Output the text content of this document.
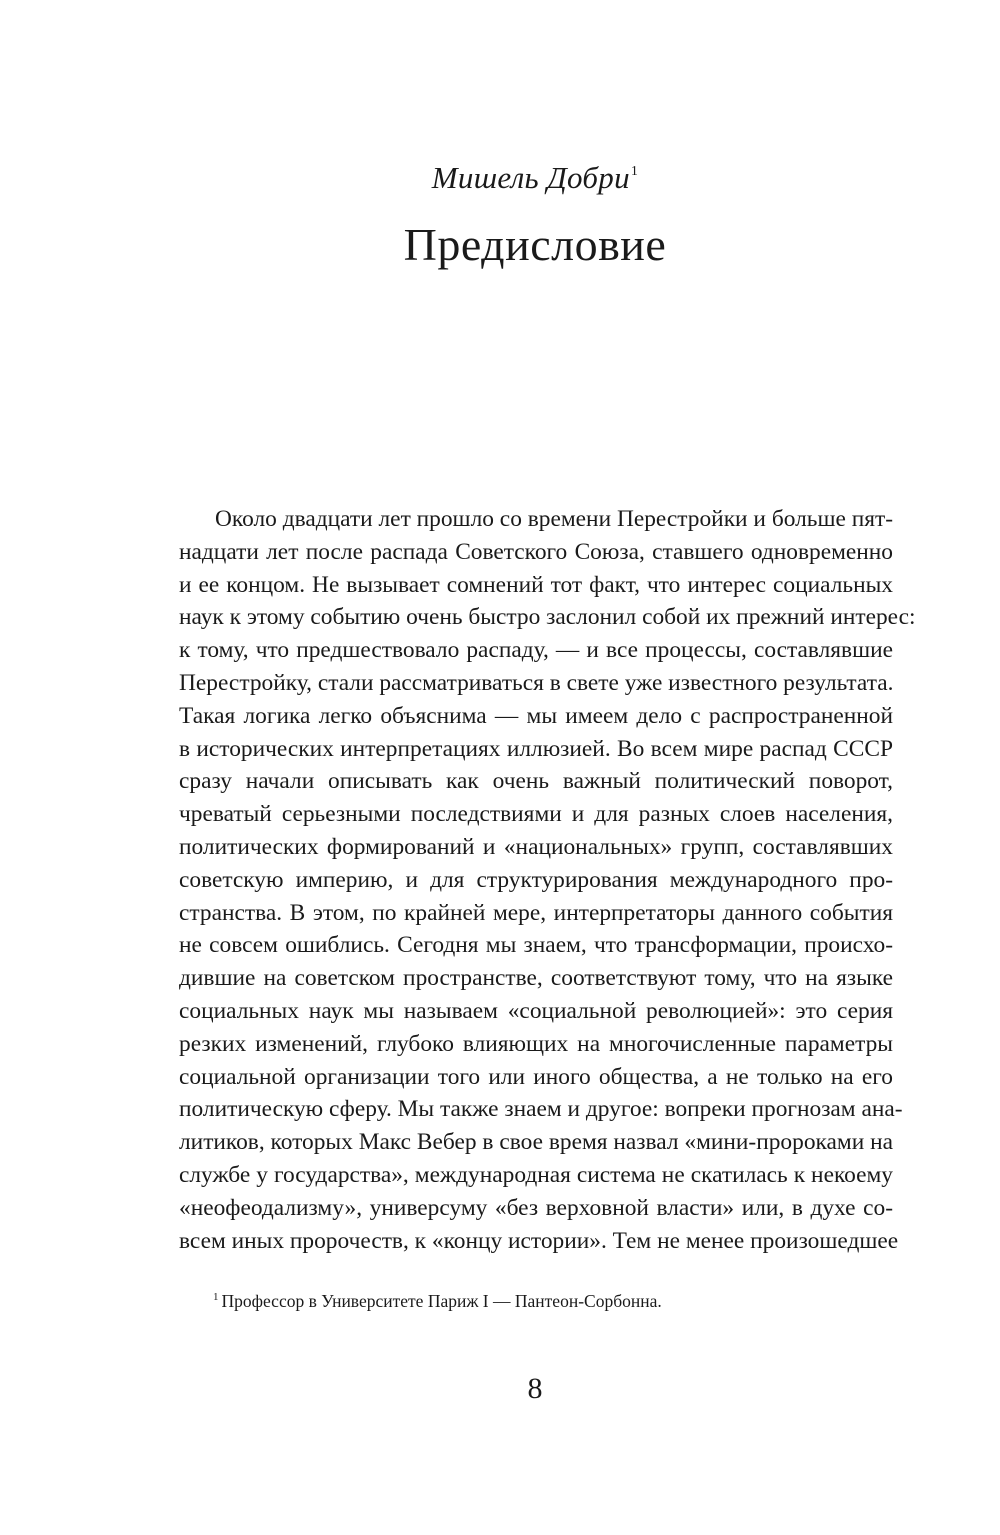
Мишель Добри$^1$
Предисловие

Около двадцати лет прошло со времени Перестройки и больше пят-
надцати лет после распада Советского Союза, ставшего одновременно
и ее концом. Не вызывает сомнений тот факт, что интерес социальных
наук к этому событию очень быстро заслонил собой их прежний интерес:
к тому, что предшествовало распаду, — и все процессы, составлявшие
Перестройку, стали рассматриваться в свете уже известного результата.
Такая логика легко объяснима — мы имеем дело с распространенной
в исторических интерпретациях иллюзией. Во всем мире распад СССР
сразу начали описывать как очень важный политический поворот,
чреватый серьезными последствиями и для разных слоев населения,
политических формирований и «национальных» групп, составлявших
советскую империю, и для структурирования международного про-
странства. В этом, по крайней мере, интерпретаторы данного события
не совсем ошиблись. Сегодня мы знаем, что трансформации, происхо-
дившие на советском пространстве, соответствуют тому, что на языке
социальных наук мы называем «социальной революцией»: это серия
резких изменений, глубоко влияющих на многочисленные параметры
социальной организации того или иного общества, а не только на его
политическую сферу. Мы также знаем и другое: вопреки прогнозам ана-
литиков, которых Макс Вебер в свое время назвал «мини-пророками на
службе у государства», международная система не скатилась к некоему
«неофеодализму», универсуму «без верховной власти» или, в духе со-
всем иных пророчеств, к «концу истории». Тем не менее произошедшее

$^1$ Профессор в Университете Париж I — Пантеон-Сорбонна.
8
